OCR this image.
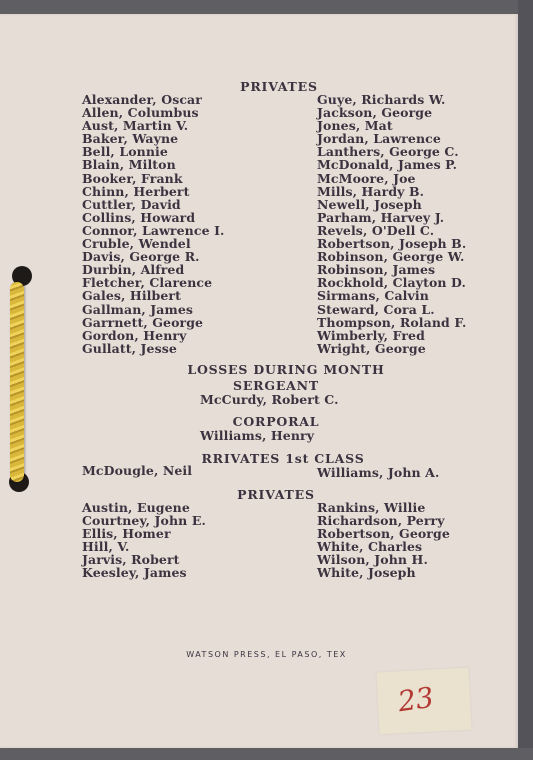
PRIVATES
Alexander, Oscar
Allen, Columbus
Aust, Martin V.
Baker, Wayne
Bell, Lonnie
Blain, Milton
Booker, Frank
Chinn, Herbert
Cuttler, David
Collins, Howard
Connor, Lawrence I.
Cruble, Wendel
Davis, George R.
Durbin, Alfred
Fletcher, Clarence
Gales, Hilbert
Gallman, James
Garrnett, George
Gordon, Henry
Gullatt, Jesse
Guye, Richards W.
Jackson, George
Jones, Mat
Jordan, Lawrence
Lanthers, George C.
McDonald, James P.
McMoore, Joe
Mills, Hardy B.
Newell, Joseph
Parham, Harvey J.
Revels, O'Dell C.
Robertson, Joseph B.
Robinson, George W.
Robinson, James
Rockhold, Clayton D.
Sirmans, Calvin
Steward, Cora L.
Thompson, Roland F.
Wimberly, Fred
Wright, George
LOSSES DURING MONTH
SERGEANT
McCurdy, Robert C.
CORPORAL
Williams, Henry
RRIVATES 1st CLASS
McDougle, Neil	Williams, John A.
PRIVATES
Austin, Eugene
Courtney, John E.
Ellis, Homer
Hill, V.
Jarvis, Robert
Keesley, James
Rankins, Willie
Richardson, Perry
Robertson, George
White, Charles
Wilson, John H.
White, Joseph
WATSON PRESS, EL PASO, TEX
23
